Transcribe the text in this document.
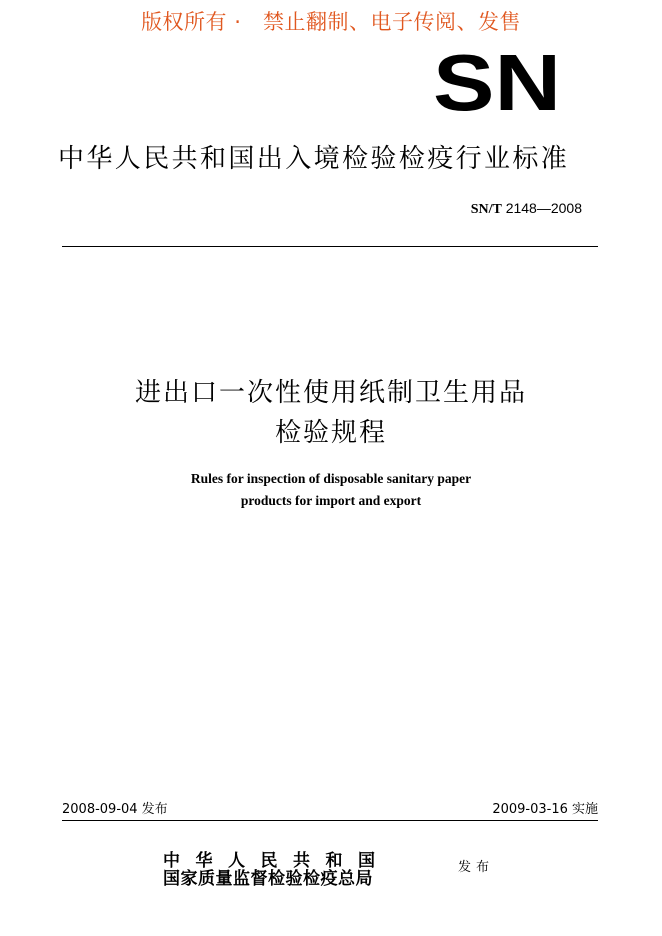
版权所有 ·   禁止翻制、电子传阅、发售
SN
中华人民共和国出入境检验检疫行业标准
SN/T 2148—2008
进出口一次性使用纸制卫生用品
检验规程
Rules for inspection of disposable sanitary paper
products for import and export
2008-09-04 发布	2009-03-16 实施
中华人民共和国
国家质量监督检验检疫总局
发布
